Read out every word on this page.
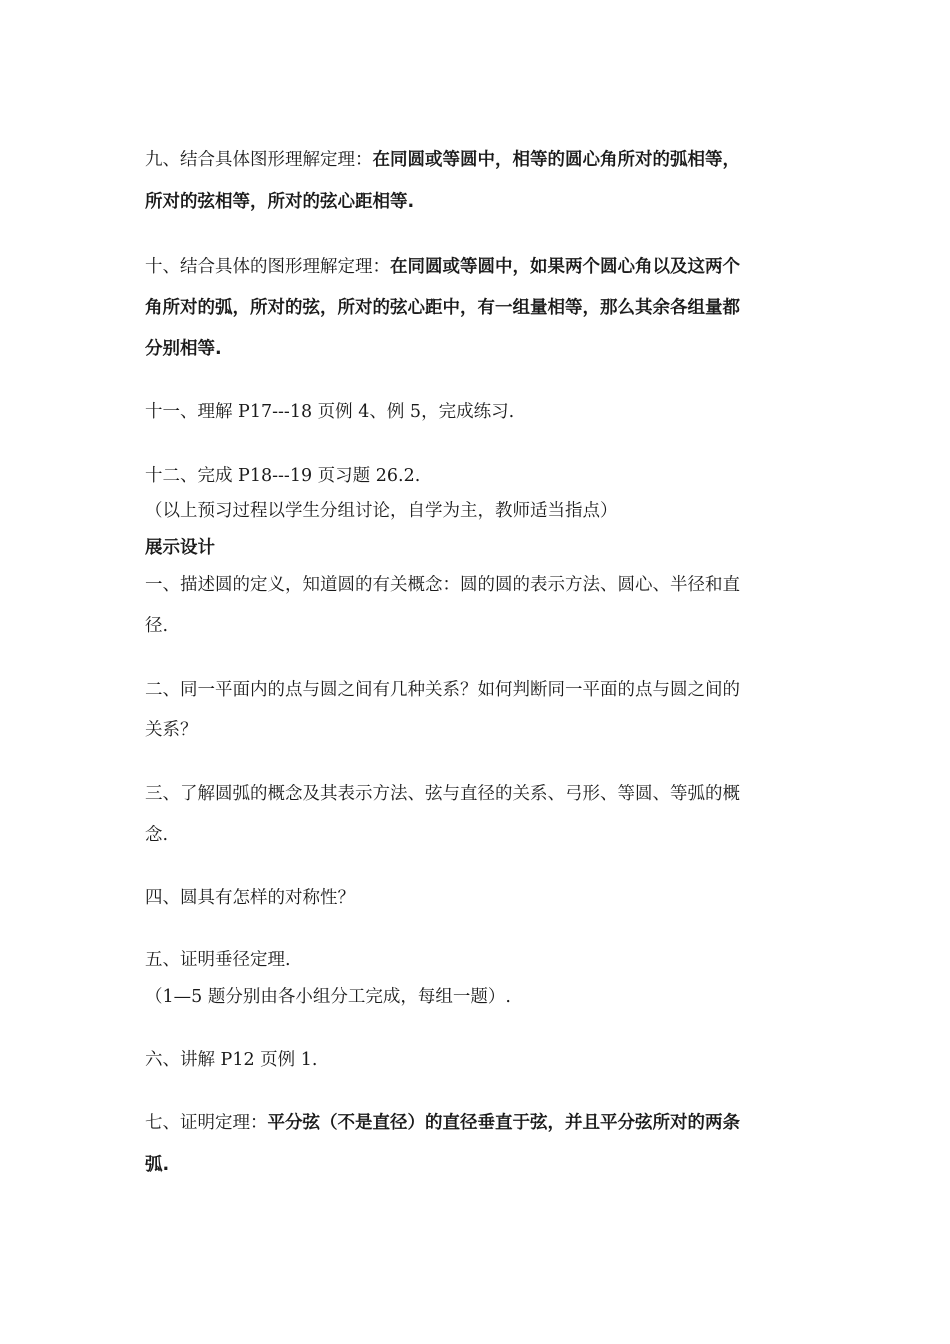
九、结合具体图形理解定理：在同圆或等圆中，相等的圆心角所对的弧相等，
所对的弦相等，所对的弦心距相等.
十、结合具体的图形理解定理：在同圆或等圆中，如果两个圆心角以及这两个
角所对的弧，所对的弦，所对的弦心距中，有一组量相等，那么其余各组量都
分别相等.
十一、理解 P17---18 页例 4、例 5，完成练习.
十二、完成 P18---19 页习题 26.2.
（以上预习过程以学生分组讨论，自学为主，教师适当指点）
展示设计
一、描述圆的定义，知道圆的有关概念：圆的圆的表示方法、圆心、半径和直
径.
二、同一平面内的点与圆之间有几种关系？如何判断同一平面的点与圆之间的
关系？
三、了解圆弧的概念及其表示方法、弦与直径的关系、弓形、等圆、等弧的概
念.
四、圆具有怎样的对称性？
五、证明垂径定理.
（1—5 题分别由各小组分工完成，每组一题）.
六、讲解 P12 页例 1.
七、证明定理：平分弦（不是直径）的直径垂直于弦，并且平分弦所对的两条
弧.
